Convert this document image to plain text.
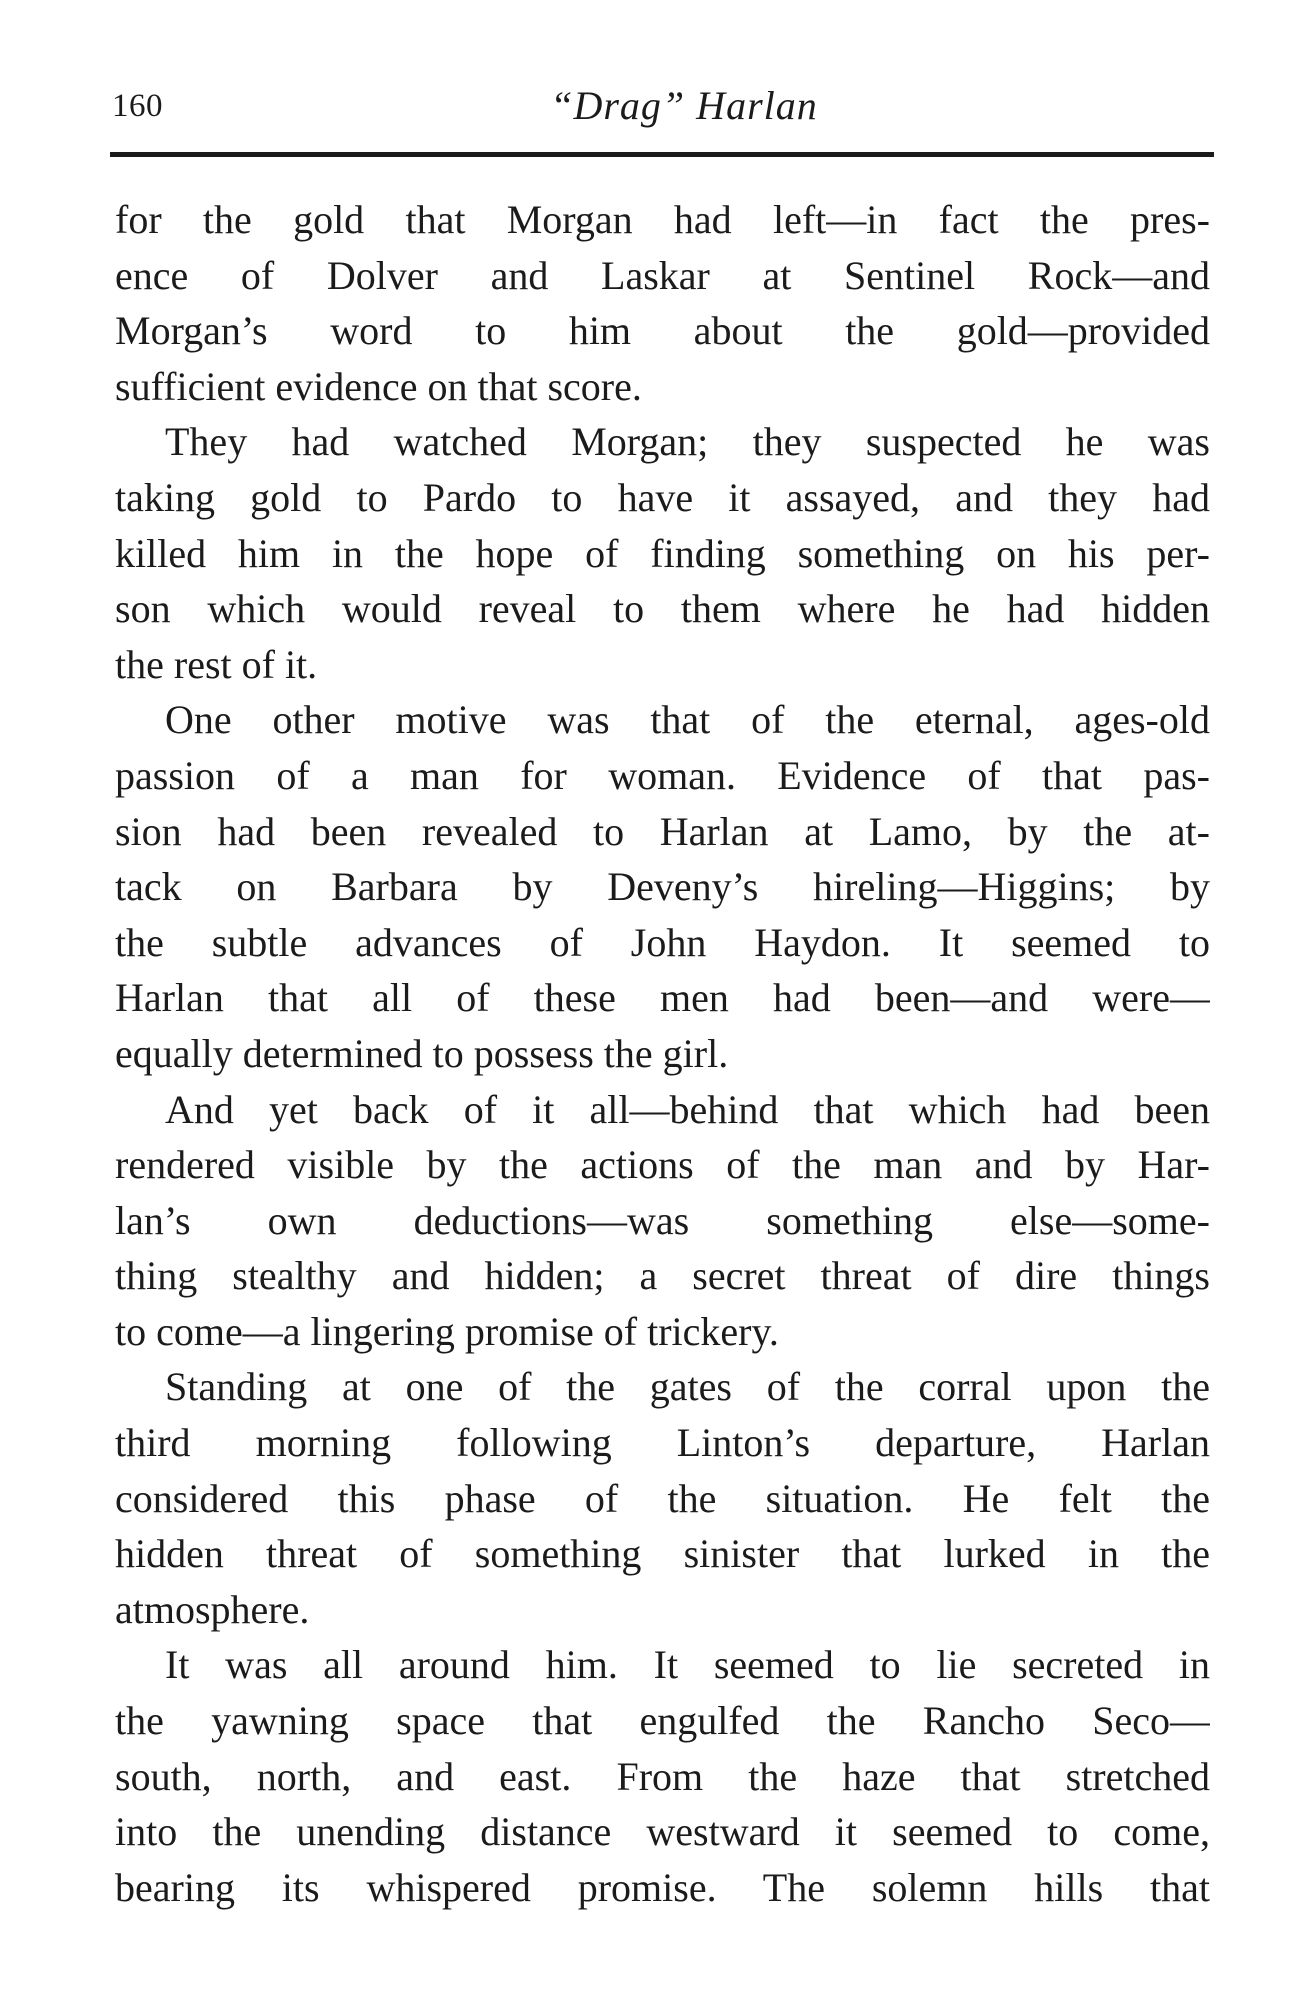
160	“Drag” Harlan
for the gold that Morgan had left—in fact the pres-
ence of Dolver and Laskar at Sentinel Rock—and
Morgan’s word to him about the gold—provided
sufficient evidence on that score.
They had watched Morgan; they suspected he was
taking gold to Pardo to have it assayed, and they had
killed him in the hope of finding something on his per-
son which would reveal to them where he had hidden
the rest of it.
One other motive was that of the eternal, ages-old
passion of a man for woman. Evidence of that pas-
sion had been revealed to Harlan at Lamo, by the at-
tack on Barbara by Deveny’s hireling—Higgins; by
the subtle advances of John Haydon. It seemed to
Harlan that all of these men had been—and were—
equally determined to possess the girl.
And yet back of it all—behind that which had been
rendered visible by the actions of the man and by Har-
lan’s own deductions—was something else—some-
thing stealthy and hidden; a secret threat of dire things
to come—a lingering promise of trickery.
Standing at one of the gates of the corral upon the
third morning following Linton’s departure, Harlan
considered this phase of the situation. He felt the
hidden threat of something sinister that lurked in the
atmosphere.
It was all around him. It seemed to lie secreted in
the yawning space that engulfed the Rancho Seco—
south, north, and east. From the haze that stretched
into the unending distance westward it seemed to come,
bearing its whispered promise. The solemn hills that
